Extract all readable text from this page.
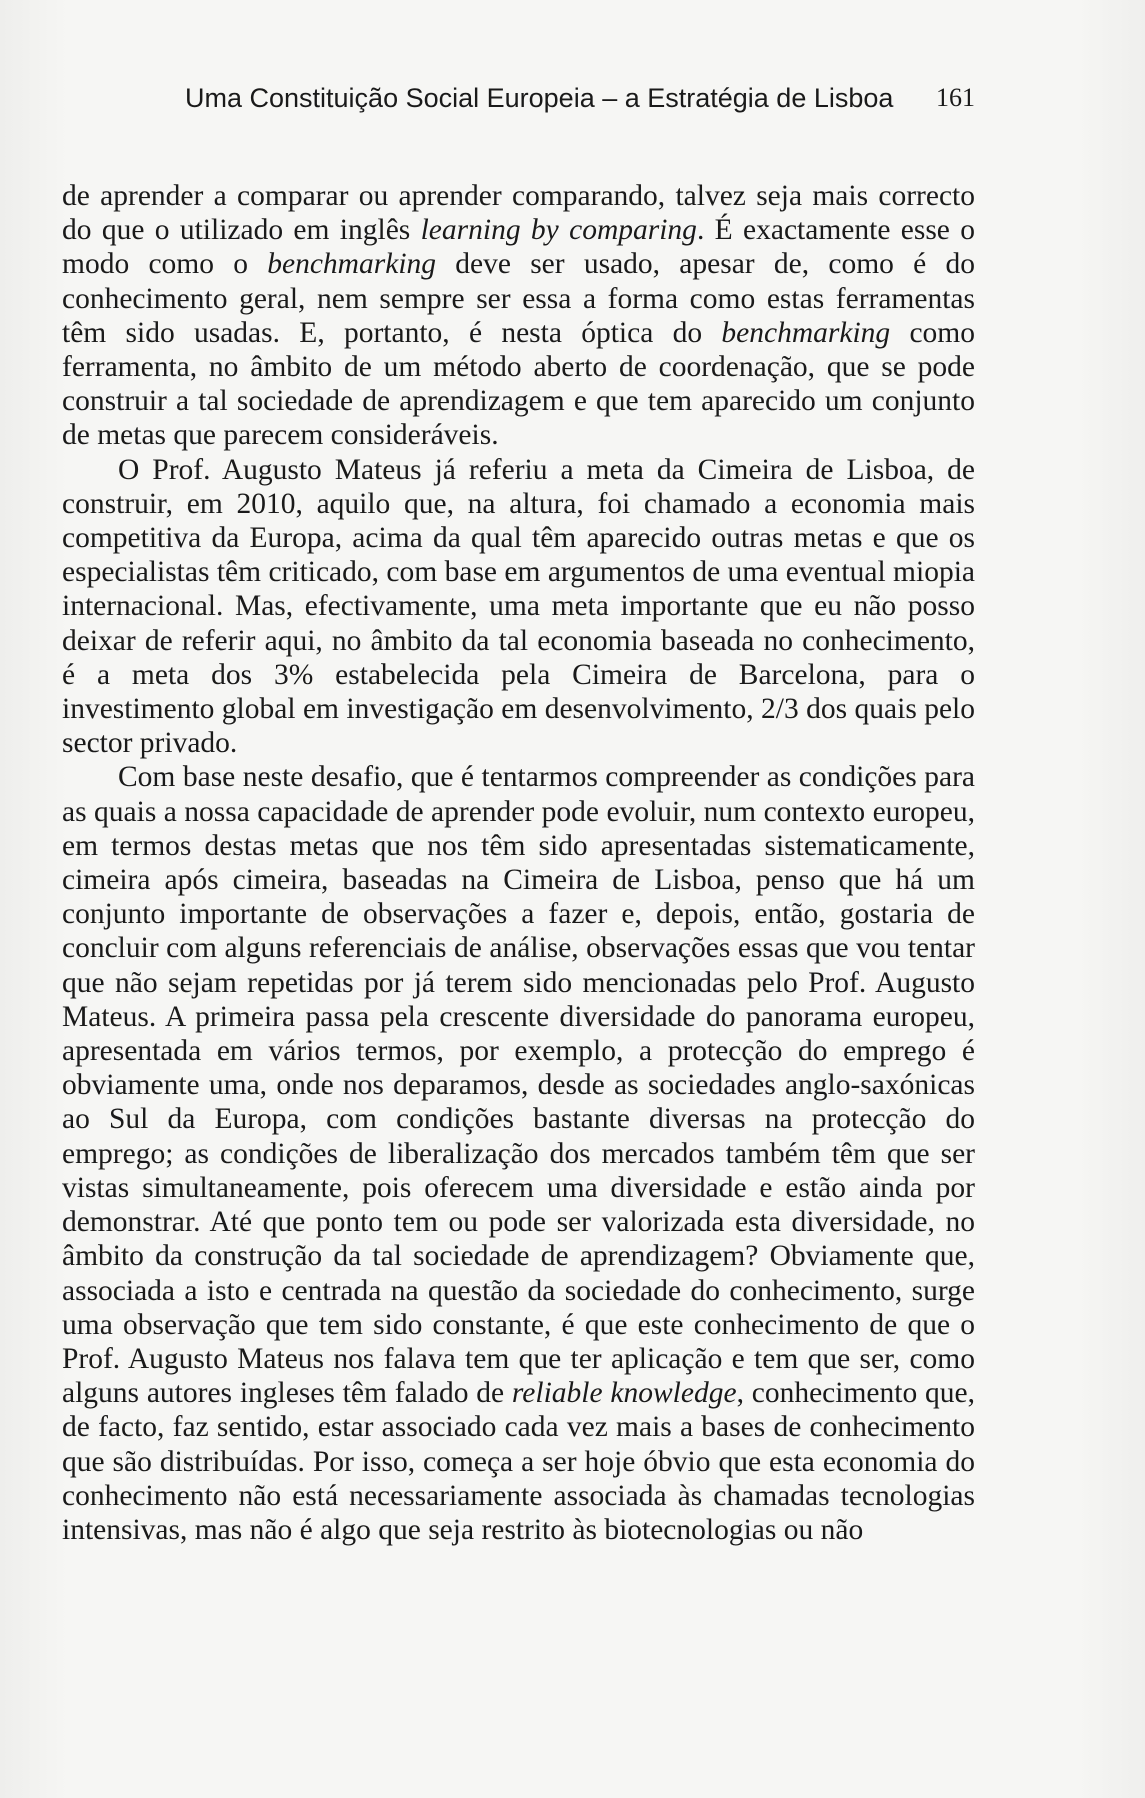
Uma Constituição Social Europeia – a Estratégia de Lisboa 161

de aprender a comparar ou aprender comparando, talvez seja mais correcto do que o utilizado em inglês learning by comparing. É exactamente esse o modo como o benchmarking deve ser usado, apesar de, como é do conhecimento geral, nem sempre ser essa a forma como estas ferramentas têm sido usadas. E, portanto, é nesta óptica do benchmarking como ferramenta, no âmbito de um método aberto de coordenação, que se pode construir a tal sociedade de aprendizagem e que tem aparecido um conjunto de metas que parecem consideráveis.

O Prof. Augusto Mateus já referiu a meta da Cimeira de Lisboa, de construir, em 2010, aquilo que, na altura, foi chamado a economia mais competitiva da Europa, acima da qual têm aparecido outras metas e que os especialistas têm criticado, com base em argumentos de uma eventual miopia internacional. Mas, efectivamente, uma meta importante que eu não posso deixar de referir aqui, no âmbito da tal economia baseada no conhecimento, é a meta dos 3% estabelecida pela Cimeira de Barcelona, para o investimento global em investigação em desenvolvimento, 2/3 dos quais pelo sector privado.

Com base neste desafio, que é tentarmos compreender as condições para as quais a nossa capacidade de aprender pode evoluir, num contexto europeu, em termos destas metas que nos têm sido apresentadas sistematicamente, cimeira após cimeira, baseadas na Cimeira de Lisboa, penso que há um conjunto importante de observações a fazer e, depois, então, gostaria de concluir com alguns referenciais de análise, observações essas que vou tentar que não sejam repetidas por já terem sido mencionadas pelo Prof. Augusto Mateus. A primeira passa pela crescente diversidade do panorama europeu, apresentada em vários termos, por exemplo, a protecção do emprego é obviamente uma, onde nos deparamos, desde as sociedades anglo-saxónicas ao Sul da Europa, com condições bastante diversas na protecção do emprego; as condições de liberalização dos mercados também têm que ser vistas simultaneamente, pois oferecem uma diversidade e estão ainda por demonstrar. Até que ponto tem ou pode ser valorizada esta diversidade, no âmbito da construção da tal sociedade de aprendizagem? Obviamente que, associada a isto e centrada na questão da sociedade do conhecimento, surge uma observação que tem sido constante, é que este conhecimento de que o Prof. Augusto Mateus nos falava tem que ter aplicação e tem que ser, como alguns autores ingleses têm falado de reliable knowledge, conhecimento que, de facto, faz sentido, estar associado cada vez mais a bases de conhecimento que são distribuídas. Por isso, começa a ser hoje óbvio que esta economia do conhecimento não está necessariamente associada às chamadas tecnologias intensivas, mas não é algo que seja restrito às biotecnologias ou não
